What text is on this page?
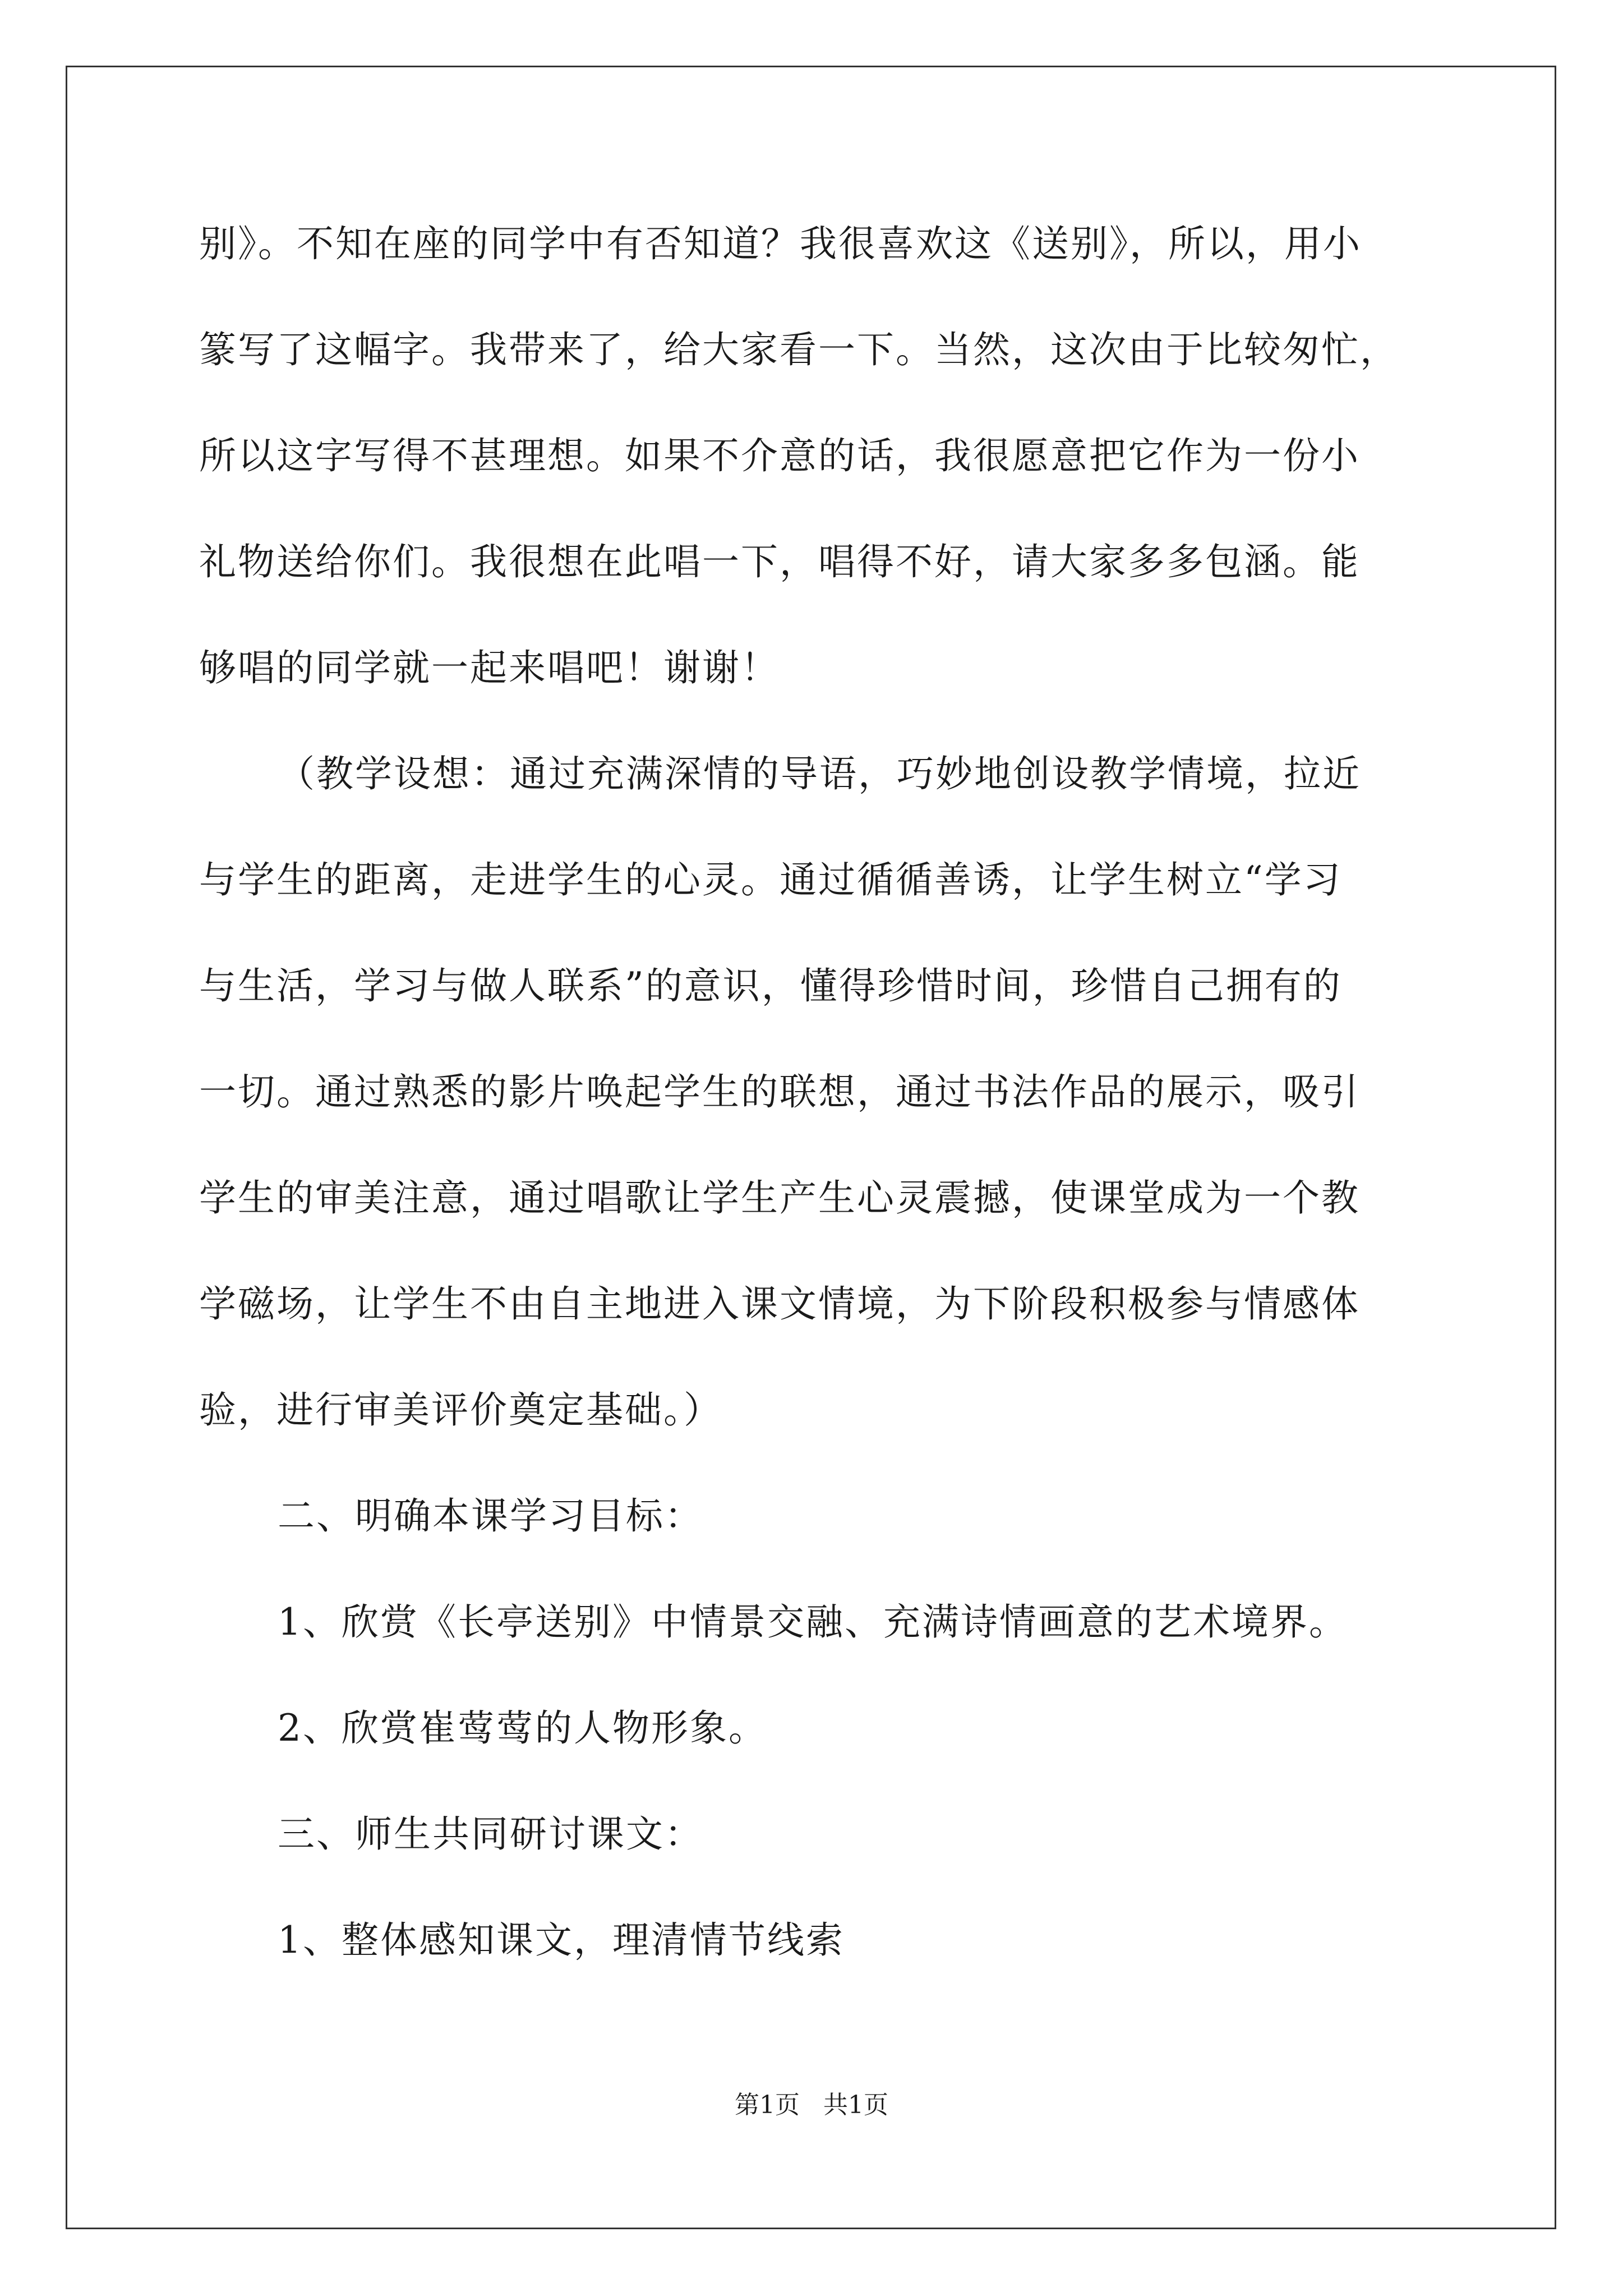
别》。不知在座的同学中有否知道？我很喜欢这《送别》，所以，用小
篆写了这幅字。我带来了，给大家看一下。当然，这次由于比较匆忙，
所以这字写得不甚理想。如果不介意的话，我很愿意把它作为一份小
礼物送给你们。我很想在此唱一下，唱得不好，请大家多多包涵。能
够唱的同学就一起来唱吧！谢谢！
（教学设想：通过充满深情的导语，巧妙地创设教学情境，拉近
与学生的距离，走进学生的心灵。通过循循善诱，让学生树立“学习
与生活，学习与做人联系”的意识，懂得珍惜时间，珍惜自己拥有的
一切。通过熟悉的影片唤起学生的联想，通过书法作品的展示，吸引
学生的审美注意，通过唱歌让学生产生心灵震撼，使课堂成为一个教
学磁场，让学生不由自主地进入课文情境，为下阶段积极参与情感体
验，进行审美评价奠定基础。）
二、明确本课学习目标：
1、欣赏《长亭送别》中情景交融、充满诗情画意的艺术境界。
2、欣赏崔莺莺的人物形象。
三、师生共同研讨课文：
1、整体感知课文，理清情节线索
第1页   共1页
